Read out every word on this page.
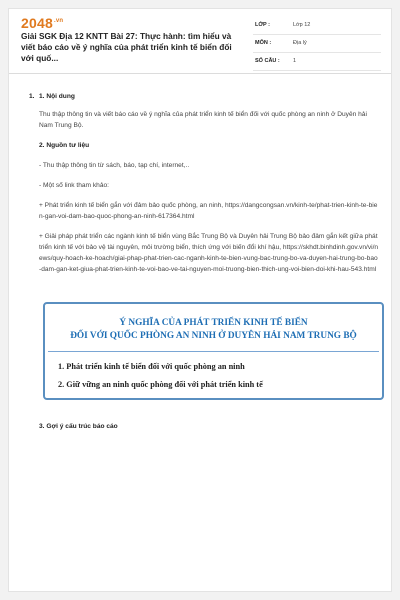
$2048^{.vn}$
Giải SGK Địa 12 KNTT Bài 27: Thực hành: tìm hiểu và viết báo cáo về ý nghĩa của phát triển kinh tế biển đối với quố...
LỚP :	Lớp 12
MÔN :	Địa lý
SỐ CÂU : 1
1. 1. Nội dung

Thu thập thông tin và viết báo cáo về ý nghĩa của phát triển kinh tế biển đối với quốc phòng an ninh ở Duyên hải Nam Trung Bộ.

2. Nguồn tư liệu

- Thu thập thông tin từ sách, báo, tạp chí, internet,..

- Một số link tham khảo:

+ Phát triển kinh tế biển gắn với đảm bảo quốc phòng, an ninh, https://dangcongsan.vn/kinh-te/phat-trien-kinh-te-bien-gan-voi-dam-bao-quoc-phong-an-ninh-617364.html

+ Giải pháp phát triển các ngành kinh tế biển vùng Bắc Trung Bộ và Duyên hải Trung Bộ bảo đảm gắn kết giữa phát triển kinh tế với bảo vệ tài nguyên, môi trường biển, thích ứng với biến đổi khí hậu, https://skhdt.binhdinh.gov.vn/vi/news/quy-hoach-ke-hoach/giai-phap-phat-trien-cac-nganh-kinh-te-bien-vung-bac-trung-bo-va-duyen-hai-trung-bo-bao-dam-gan-ket-giua-phat-trien-kinh-te-voi-bao-ve-tai-nguyen-moi-truong-bien-thich-ung-voi-bien-doi-khi-hau-543.html

3. Gợi ý cấu trúc báo cáo

Ý NGHĨA CỦA PHÁT TRIỂN KINH TẾ BIỂN
ĐỐI VỚI QUỐC PHÒNG AN NINH Ở DUYÊN HẢI NAM TRUNG BỘ
1. Phát triển kinh tế biển đối với quốc phòng an ninh
2. Giữ vững an ninh quốc phòng đối với phát triển kinh tế
